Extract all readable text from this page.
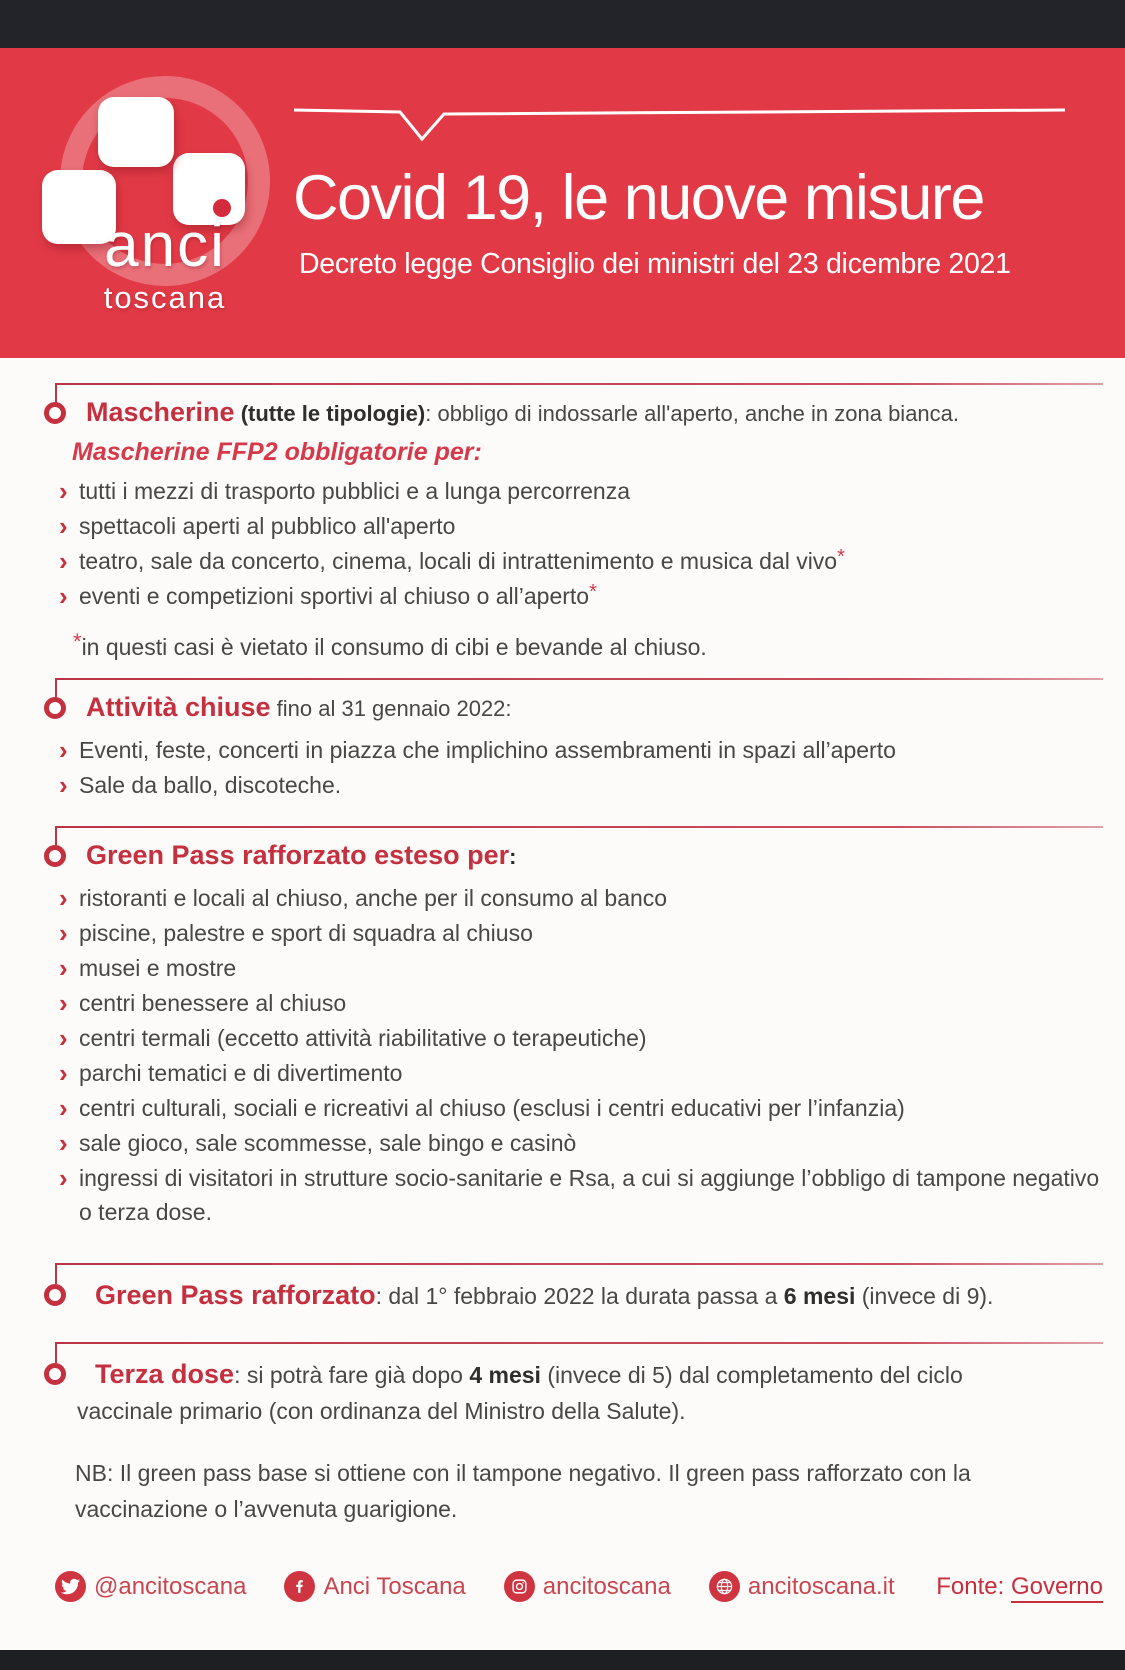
anci
toscana
Covid 19, le nuove misure
Decreto legge Consiglio dei ministri del 23 dicembre 2021
Mascherine (tutte le tipologie): obbligo di indossarle all'aperto, anche in zona bianca.
Mascherine FFP2 obbligatorie per:
› tutti i mezzi di trasporto pubblici e a lunga percorrenza
› spettacoli aperti al pubblico all'aperto
› teatro, sale da concerto, cinema, locali di intrattenimento e musica dal vivo*
› eventi e competizioni sportivi al chiuso o all’aperto*
*in questi casi è vietato il consumo di cibi e bevande al chiuso.
Attività chiuse fino al 31 gennaio 2022:
› Eventi, feste, concerti in piazza che implichino assembramenti in spazi all’aperto
› Sale da ballo, discoteche.
Green Pass rafforzato esteso per:
› ristoranti e locali al chiuso, anche per il consumo al banco
› piscine, palestre e sport di squadra al chiuso
› musei e mostre
› centri benessere al chiuso
› centri termali (eccetto attività riabilitative o terapeutiche)
› parchi tematici e di divertimento
› centri culturali, sociali e ricreativi al chiuso (esclusi i centri educativi per l’infanzia)
› sale gioco, sale scommesse, sale bingo e casinò
› ingressi di visitatori in strutture socio-sanitarie e Rsa, a cui si aggiunge l’obbligo di tampone negativo o terza dose.
Green Pass rafforzato: dal 1° febbraio 2022 la durata passa a 6 mesi (invece di 9).
Terza dose: si potrà fare già dopo 4 mesi (invece di 5) dal completamento del ciclo vaccinale primario (con ordinanza del Ministro della Salute).
NB: Il green pass base si ottiene con il tampone negativo. Il green pass rafforzato con la vaccinazione o l’avvenuta guarigione.
@ancitoscana	Anci Toscana	ancitoscana	ancitoscana.it Fonte: Governo
